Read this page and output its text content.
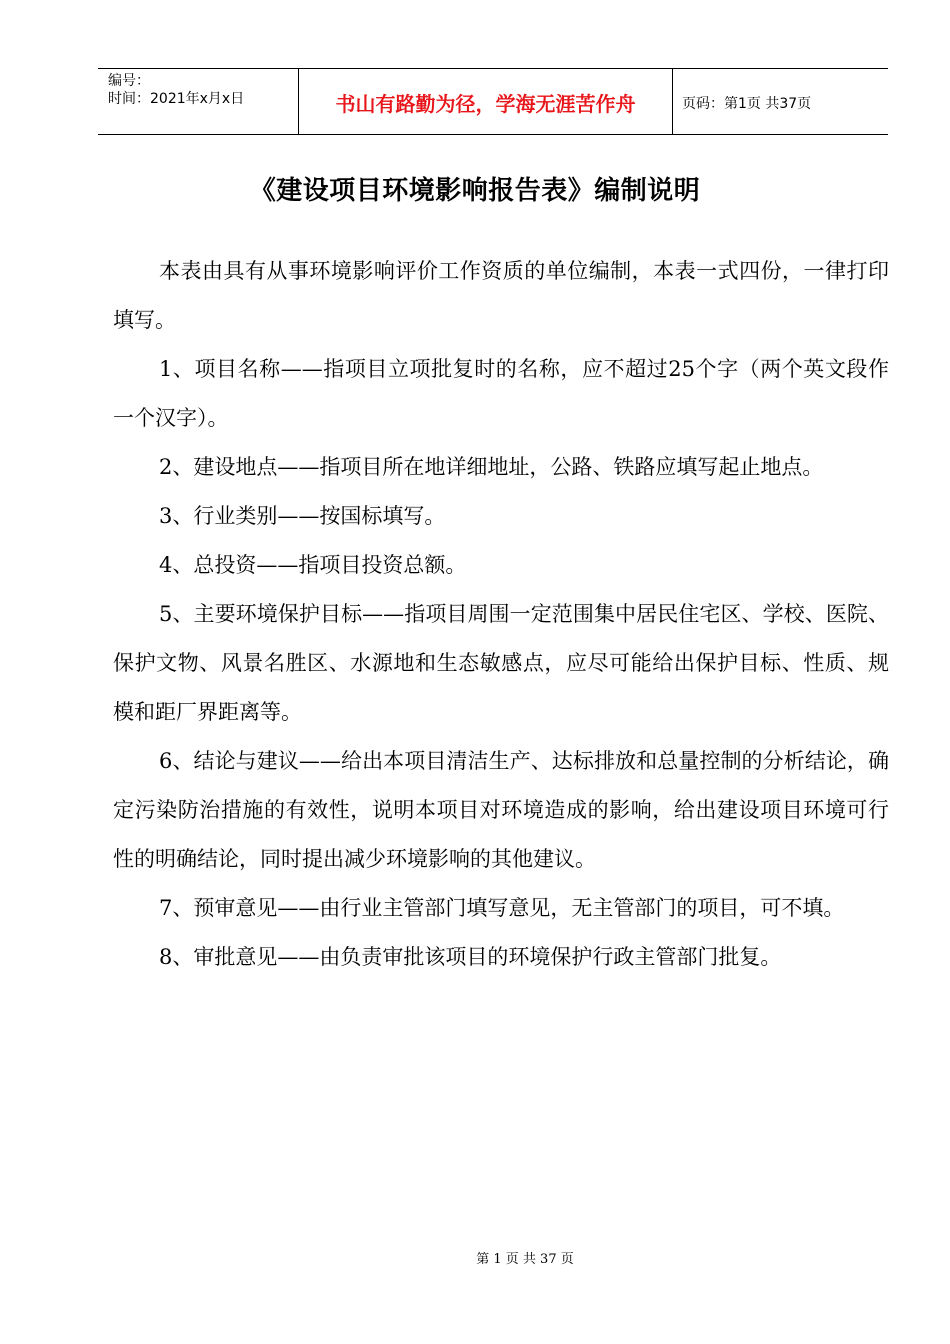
编号：
时间：2021年x月x日	书山有路勤为径，学海无涯苦作舟	页码：第1页 共37页
《建设项目环境影响报告表》编制说明

本表由具有从事环境影响评价工作资质的单位编制，本表一式四份，一律打印填写。

1、项目名称——指项目立项批复时的名称，应不超过25个字（两个英文段作一个汉字）。

2、建设地点——指项目所在地详细地址，公路、铁路应填写起止地点。

3、行业类别——按国标填写。

4、总投资——指项目投资总额。

5、主要环境保护目标——指项目周围一定范围集中居民住宅区、学校、医院、保护文物、风景名胜区、水源地和生态敏感点，应尽可能给出保护目标、性质、规模和距厂界距离等。

6、结论与建议——给出本项目清洁生产、达标排放和总量控制的分析结论，确定污染防治措施的有效性，说明本项目对环境造成的影响，给出建设项目环境可行性的明确结论，同时提出减少环境影响的其他建议。

7、预审意见——由行业主管部门填写意见，无主管部门的项目，可不填。

8、审批意见——由负责审批该项目的环境保护行政主管部门批复。

第 1 页 共 37 页
